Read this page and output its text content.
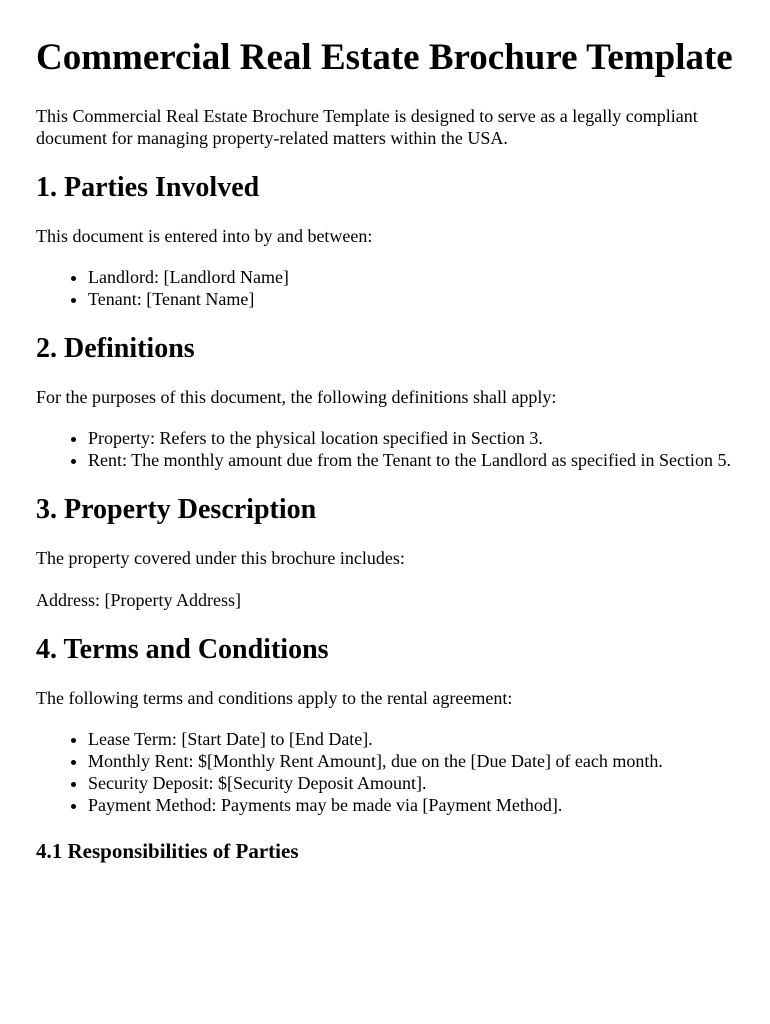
Commercial Real Estate Brochure Template

This Commercial Real Estate Brochure Template is designed to serve as a legally compliant document for managing property-related matters within the USA.

1. Parties Involved

This document is entered into by and between:

• Landlord: [Landlord Name]
• Tenant: [Tenant Name]
2. Definitions

For the purposes of this document, the following definitions shall apply:

• Property: Refers to the physical location specified in Section 3.
• Rent: The monthly amount due from the Tenant to the Landlord as specified in Section 5.
3. Property Description

The property covered under this brochure includes:

Address: [Property Address]

4. Terms and Conditions

The following terms and conditions apply to the rental agreement:

• Lease Term: [Start Date] to [End Date].
• Monthly Rent: $[Monthly Rent Amount], due on the [Due Date] of each month.
• Security Deposit: $[Security Deposit Amount].
• Payment Method: Payments may be made via [Payment Method].
4.1 Responsibilities of Parties
